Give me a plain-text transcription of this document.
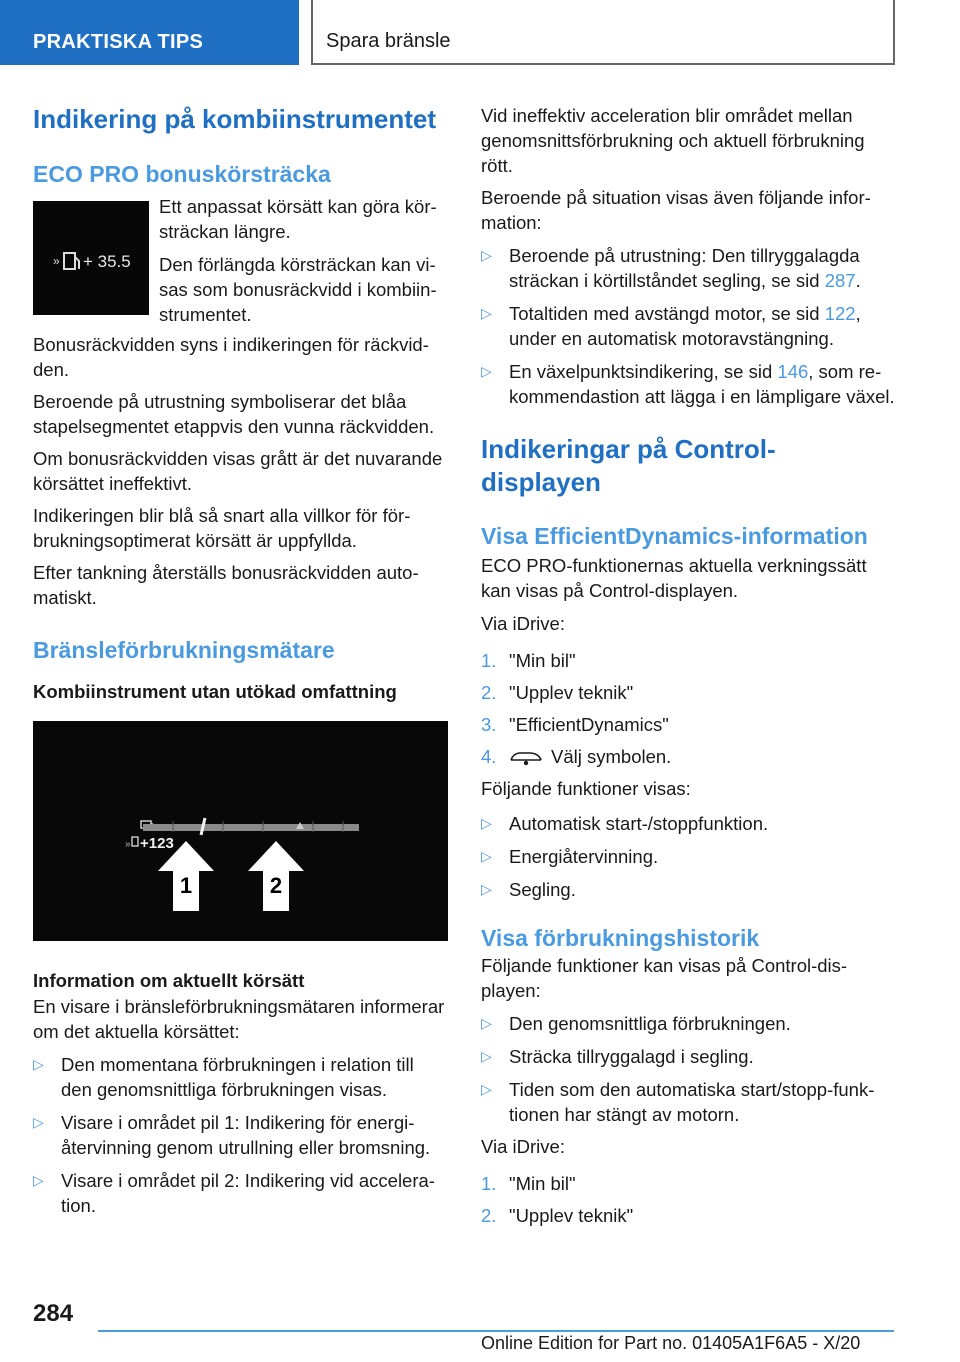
PRAKTISKA TIPS	Spara bränsle
Indikering på kombiinstrumentet
ECO PRO bonuskörsträcka
» + 35.5
Ett anpassat körsätt kan göra körsträckan längre.
Den förlängda körsträckan kan visas som bonusräckvidd i kombiinstrumentet.
Bonusräckvidden syns i indikeringen för räckvidden.
Beroende på utrustning symboliserar det blåa stapelsegmentet etappvis den vunna räckvidden.
Om bonusräckvidden visas grått är det nuvarande körsättet ineffektivt.
Indikeringen blir blå så snart alla villkor för förbrukningsoptimerat körsätt är uppfyllda.
Efter tankning återställs bonusräckvidden automatiskt.
Bränsleförbrukningsmätare
Kombiinstrument utan utökad omfattning
» +123
1	2
Information om aktuellt körsätt
En visare i bränsleförbrukningsmätaren informerar om det aktuella körsättet:
▷ Den momentana förbrukningen i relation till den genomsnittliga förbrukningen visas.
▷ Visare i området pil 1: Indikering för energiåtervinning genom utrullning eller bromsning.
▷ Visare i området pil 2: Indikering vid acceleration.
Vid ineffektiv acceleration blir området mellan genomsnittsförbrukning och aktuell förbrukning rött.
Beroende på situation visas även följande information:
▷ Beroende på utrustning: Den tillryggalagda sträckan i körtillståndet segling, se sid 287.
▷ Totaltiden med avstängd motor, se sid 122, under en automatisk motoravstängning.
▷ En växelpunktsindikering, se sid 146, som rekommendastion att lägga i en lämpligare växel.
Indikeringar på Control-displayen
Visa EfficientDynamics-information
ECO PRO-funktionernas aktuella verkningssätt kan visas på Control-displayen.
Via iDrive:
1. "Min bil"
2. "Upplev teknik"
3. "EfficientDynamics"
4.	Välj symbolen.
Följande funktioner visas:
▷ Automatisk start-/stoppfunktion.
▷ Energiåtervinning.
▷ Segling.
Visa förbrukningshistorik
Följande funktioner kan visas på Control-displayen:
▷ Den genomsnittliga förbrukningen.
▷ Sträcka tillryggalagd i segling.
▷ Tiden som den automatiska start/stopp-funktionen har stängt av motorn.
Via iDrive:
1. "Min bil"
2. "Upplev teknik"
284
Online Edition for Part no. 01405A1F6A5 - X/20
